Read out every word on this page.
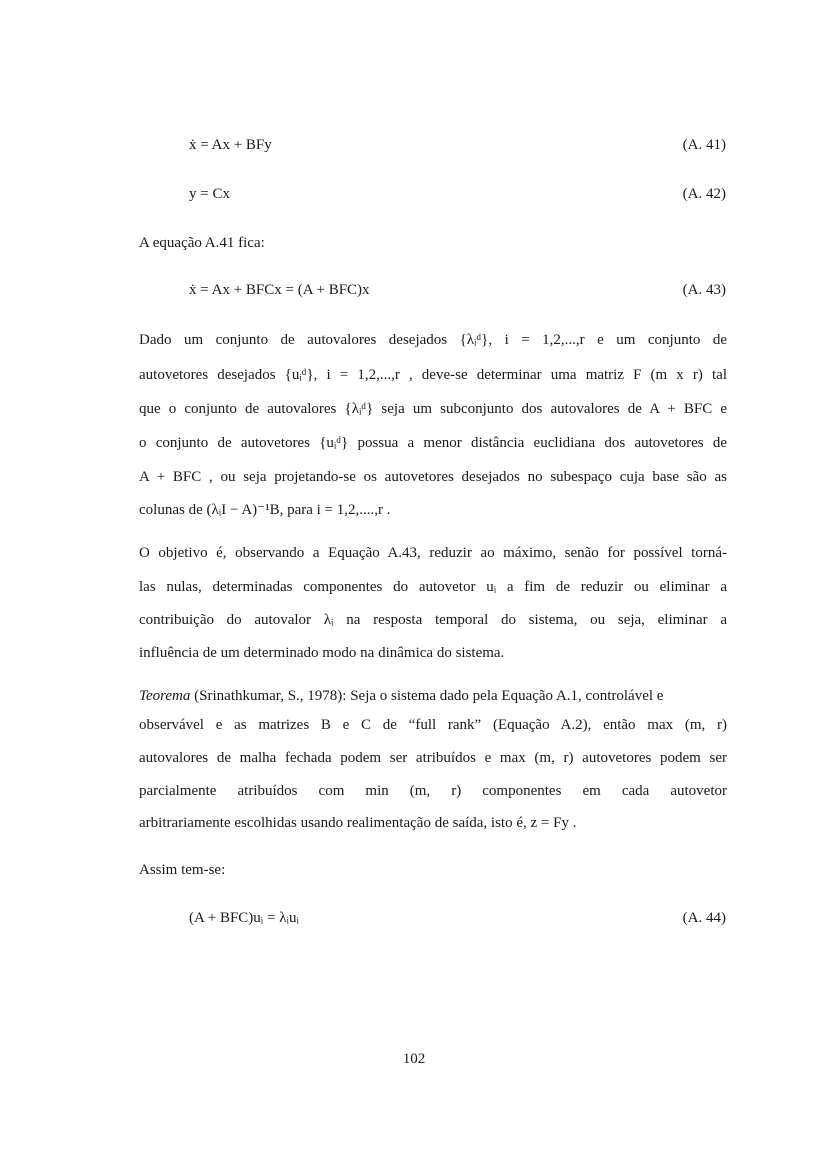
ẋ = Ax + BFy	(A. 41)
y = Cx	(A. 42)
A equação A.41 fica:
ẋ = Ax + BFCx = (A + BFC)x	(A. 43)
Dado um conjunto de autovalores desejados {λᵢᵈ}, i = 1,2,...,r e um conjunto de
autovetores desejados {uᵢᵈ}, i = 1,2,...,r , deve-se determinar uma matriz F (m x r) tal
que o conjunto de autovalores {λᵢᵈ} seja um subconjunto dos autovalores de A + BFC e
o conjunto de autovetores {uᵢᵈ} possua a menor distância euclidiana dos autovetores de
A + BFC , ou seja projetando-se os autovetores desejados no subespaço cuja base são as
colunas de (λᵢI − A)⁻¹B, para i = 1,2,....,r .
O objetivo é, observando a Equação A.43, reduzir ao máximo, senão for possível torná-
las nulas, determinadas componentes do autovetor uᵢ a fim de reduzir ou eliminar a
contribuição do autovalor λᵢ na resposta temporal do sistema, ou seja, eliminar a
influência de um determinado modo na dinâmica do sistema.
Teorema (Srinathkumar, S., 1978): Seja o sistema dado pela Equação A.1, controlável e
observável e as matrizes B e C de “full rank” (Equação A.2), então max (m, r)
autovalores de malha fechada podem ser atribuídos e max (m, r) autovetores podem ser
parcialmente atribuídos com min (m, r) componentes em cada autovetor
arbitrariamente escolhidas usando realimentação de saída, isto é, z = Fy .
Assim tem-se:
(A + BFC)uᵢ = λᵢuᵢ	(A. 44)
102
